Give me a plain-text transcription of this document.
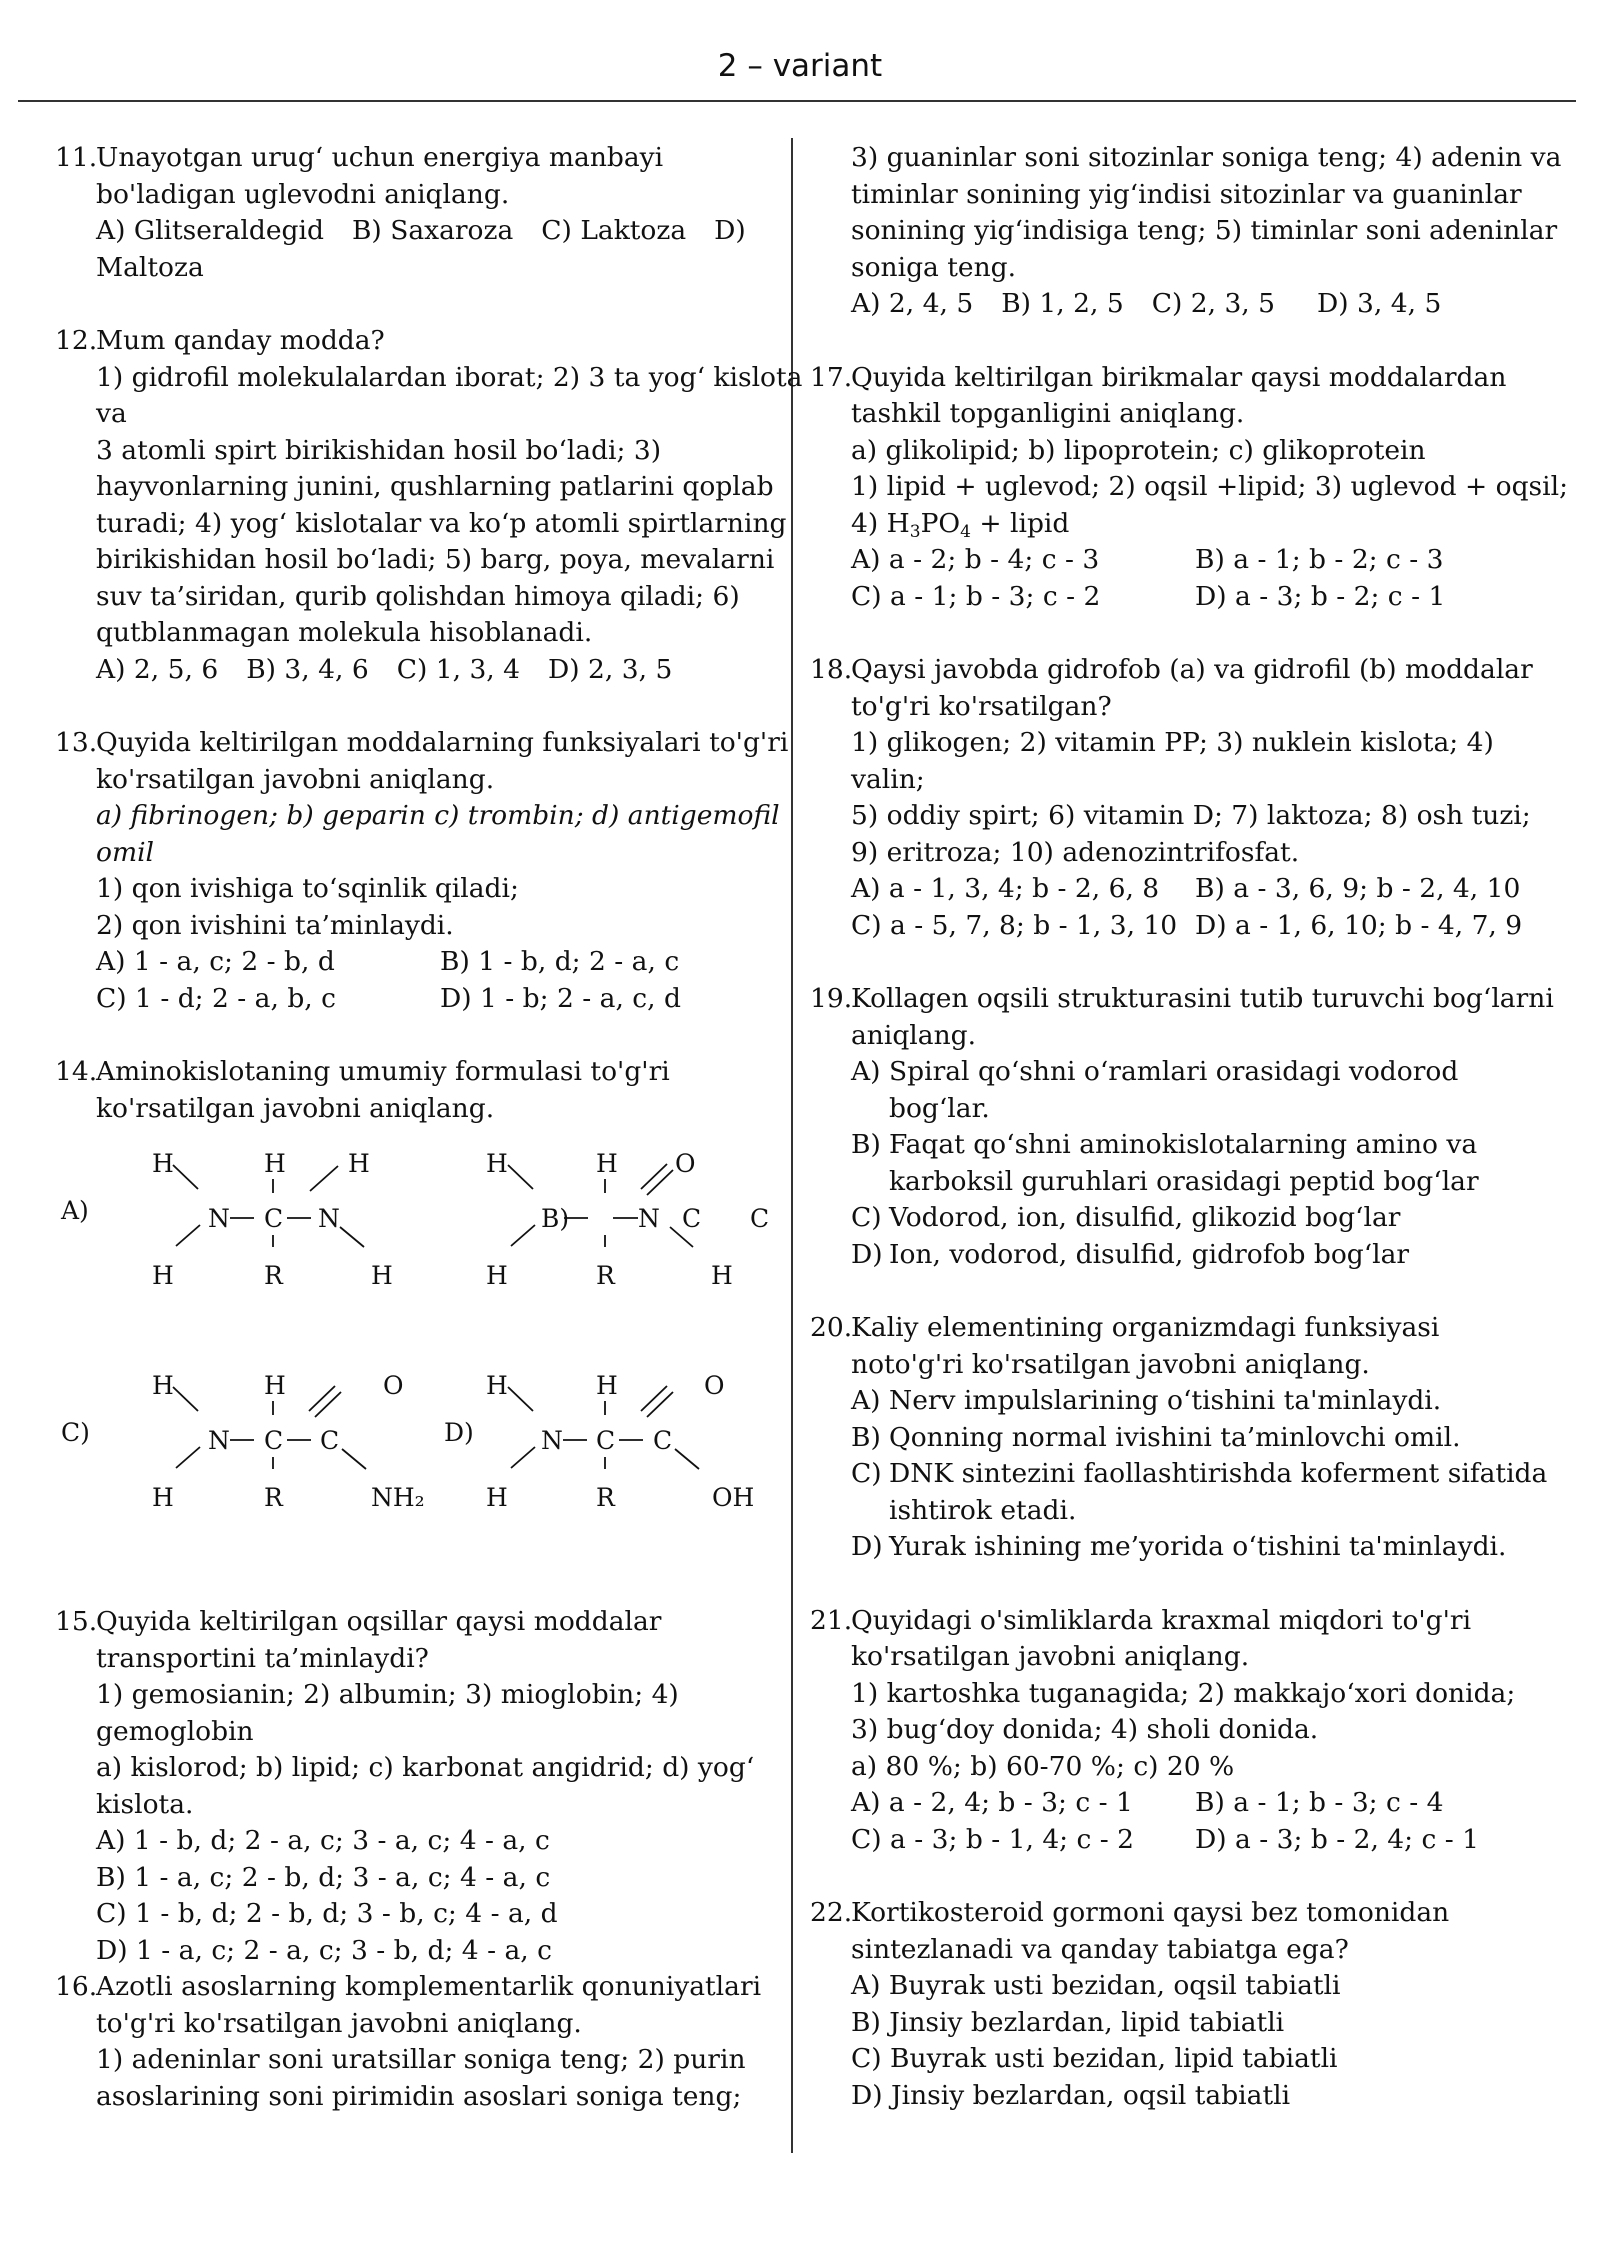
2 – variant
11.
Unayotgan urug‘ uchun energiya manbayi
bo'ladigan uglevodni aniqlang.
A) Glitseraldegid B) Saxaroza C) Laktoza D)
Maltoza
12.
Mum qanday modda?
1) gidrofil molekulalardan iborat; 2) 3 ta yog‘ kislota
va
3 atomli spirt birikishidan hosil bo‘ladi; 3)
hayvonlarning junini, qushlarning patlarini qoplab
turadi; 4) yog‘ kislotalar va ko‘p atomli spirtlarning
birikishidan hosil bo‘ladi; 5) barg, poya, mevalarni
suv ta’siridan, qurib qolishdan himoya qiladi; 6)
qutblanmagan molekula hisoblanadi.
A) 2, 5, 6 B) 3, 4, 6 C) 1, 3, 4 D) 2, 3, 5
13.
Quyida keltirilgan moddalarning funksiyalari to'g'ri
ko'rsatilgan javobni aniqlang.
a) fibrinogen; b) geparin c) trombin; d) antigemofil
omil
1) qon ivishiga to‘sqinlik qiladi;
2) qon ivishini ta’minlaydi.
A) 1 - a, c; 2 - b, d	B) 1 - b, d; 2 - a, c
C) 1 - d; 2 - a, b, c	D) 1 - b; 2 - a, c, d
14.
Aminokislotaning umumiy formulasi to'g'ri
ko'rsatilgan javobni aniqlang.
A)
H	H H
N C N
H	R	H
H	H O
B)	N C C
H	R	H
C)
H	H	O
N C C
H	R	NH₂
D)
H	H	O
N C C
H	R	OH
15.
Quyida keltirilgan oqsillar qaysi moddalar
transportini ta’minlaydi?
1) gemosianin; 2) albumin; 3) mioglobin; 4)
gemoglobin
a) kislorod; b) lipid; c) karbonat angidrid; d) yog‘
kislota.
A) 1 - b, d; 2 - a, c; 3 - a, c; 4 - a, c
B) 1 - a, c; 2 - b, d; 3 - a, c; 4 - a, c
C) 1 - b, d; 2 - b, d; 3 - b, c; 4 - a, d
D) 1 - a, c; 2 - a, c; 3 - b, d; 4 - a, c
16.
Azotli asoslarning komplementarlik qonuniyatlari
to'g'ri ko'rsatilgan javobni aniqlang.
1) adeninlar soni uratsillar soniga teng; 2) purin
asoslarining soni pirimidin asoslari soniga teng;
3) guaninlar soni sitozinlar soniga teng; 4) adenin va
timinlar sonining yig‘indisi sitozinlar va guaninlar
sonining yig‘indisiga teng; 5) timinlar soni adeninlar
soniga teng.
A) 2, 4, 5 B) 1, 2, 5 C) 2, 3, 5 D) 3, 4, 5
17.
Quyida keltirilgan birikmalar qaysi moddalardan
tashkil topganligini aniqlang.
a) glikolipid; b) lipoprotein; c) glikoprotein
1) lipid + uglevod; 2) oqsil +lipid; 3) uglevod + oqsil;
4) $H_3PO_4$ + lipid
A) a - 2; b - 4; c - 3	B) a - 1; b - 2; c - 3
C) a - 1; b - 3; c - 2	D) a - 3; b - 2; c - 1
18.
Qaysi javobda gidrofob (a) va gidrofil (b) moddalar
to'g'ri ko'rsatilgan?
1) glikogen; 2) vitamin PP; 3) nuklein kislota; 4)
valin;
5) oddiy spirt; 6) vitamin D; 7) laktoza; 8) osh tuzi;
9) eritroza; 10) adenozintrifosfat.
A) a - 1, 3, 4; b - 2, 6, 8	B) a - 3, 6, 9; b - 2, 4, 10
C) a - 5, 7, 8; b - 1, 3, 10 D) a - 1, 6, 10; b - 4, 7, 9
19.
Kollagen oqsili strukturasini tutib turuvchi bog‘larni
aniqlang.
A) Spiral qo‘shni o‘ramlari orasidagi vodorod
bog‘lar.
B) Faqat qo‘shni aminokislotalarning amino va
karboksil guruhlari orasidagi peptid bog‘lar
C) Vodorod, ion, disulfid, glikozid bog‘lar
D) Ion, vodorod, disulfid, gidrofob bog‘lar
20.
Kaliy elementining organizmdagi funksiyasi
noto'g'ri ko'rsatilgan javobni aniqlang.
A) Nerv impulslarining o‘tishini ta'minlaydi.
B) Qonning normal ivishini ta’minlovchi omil.
C) DNK sintezini faollashtirishda koferment sifatida
ishtirok etadi.
D) Yurak ishining me’yorida o‘tishini ta'minlaydi.
21.
Quyidagi o'simliklarda kraxmal miqdori to'g'ri
ko'rsatilgan javobni aniqlang.
1) kartoshka tuganagida; 2) makkajo‘xori donida;
3) bug‘doy donida; 4) sholi donida.
a) 80 %; b) 60-70 %; c) 20 %
A) a - 2, 4; b - 3; c - 1	B) a - 1; b - 3; c - 4
C) a - 3; b - 1, 4; c - 2	D) a - 3; b - 2, 4; c - 1
22.
Kortikosteroid gormoni qaysi bez tomonidan
sintezlanadi va qanday tabiatga ega?
A) Buyrak usti bezidan, oqsil tabiatli
B) Jinsiy bezlardan, lipid tabiatli
C) Buyrak usti bezidan, lipid tabiatli
D) Jinsiy bezlardan, oqsil tabiatli
